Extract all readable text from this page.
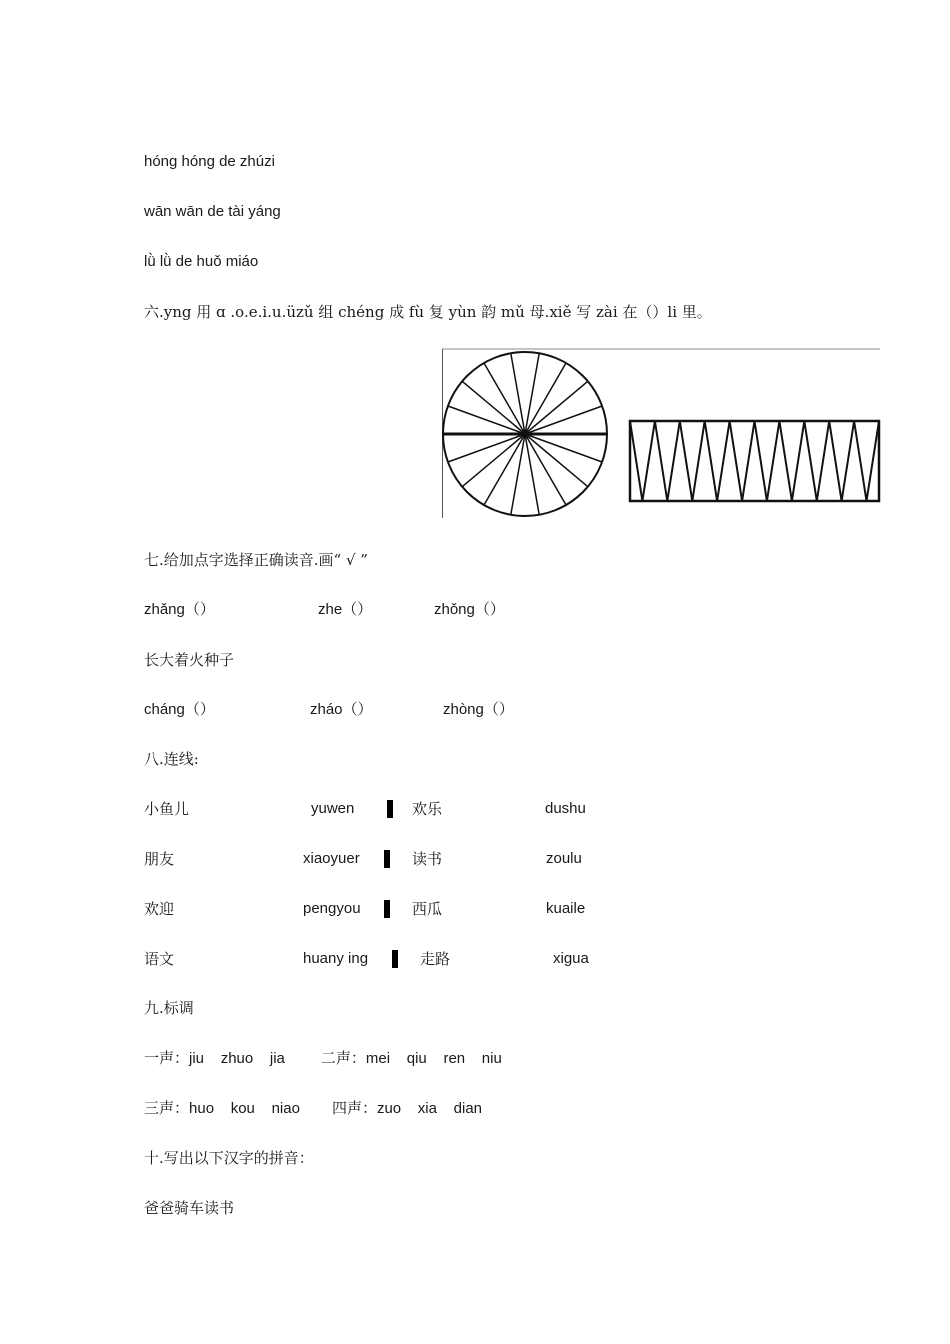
hóng hóng de zhúzi
wān wān de tài yáng
lǜ lǜ de huǒ miáo
六.yng 用 ɑ .o.e.i.u.üzǔ 组 chéng 成 fù 复 yùn 韵 mǔ 母.xiě 写 zài 在（）li 里。
七.给加点字选择正确读音.画“ √ ”
zhǎng（）	zhe（）	zhǒng（）
长大着火种子
cháng（）	zháo（）	zhòng（）
八.连线:
小鱼儿	yuwen	欢乐	dushu
朋友	xiaoyuer	读书	zoulu
欢迎	pengyou	西瓜	kuaile
语文	huany ing	走路	xigua
九.标调
一声：jiu    zhuo    jia 二声：mei    qiu    ren    niu
三声：huo    kou    niao 四声：zuo    xia    dian
十.写出以下汉字的拼音：
爸爸骑车读书
